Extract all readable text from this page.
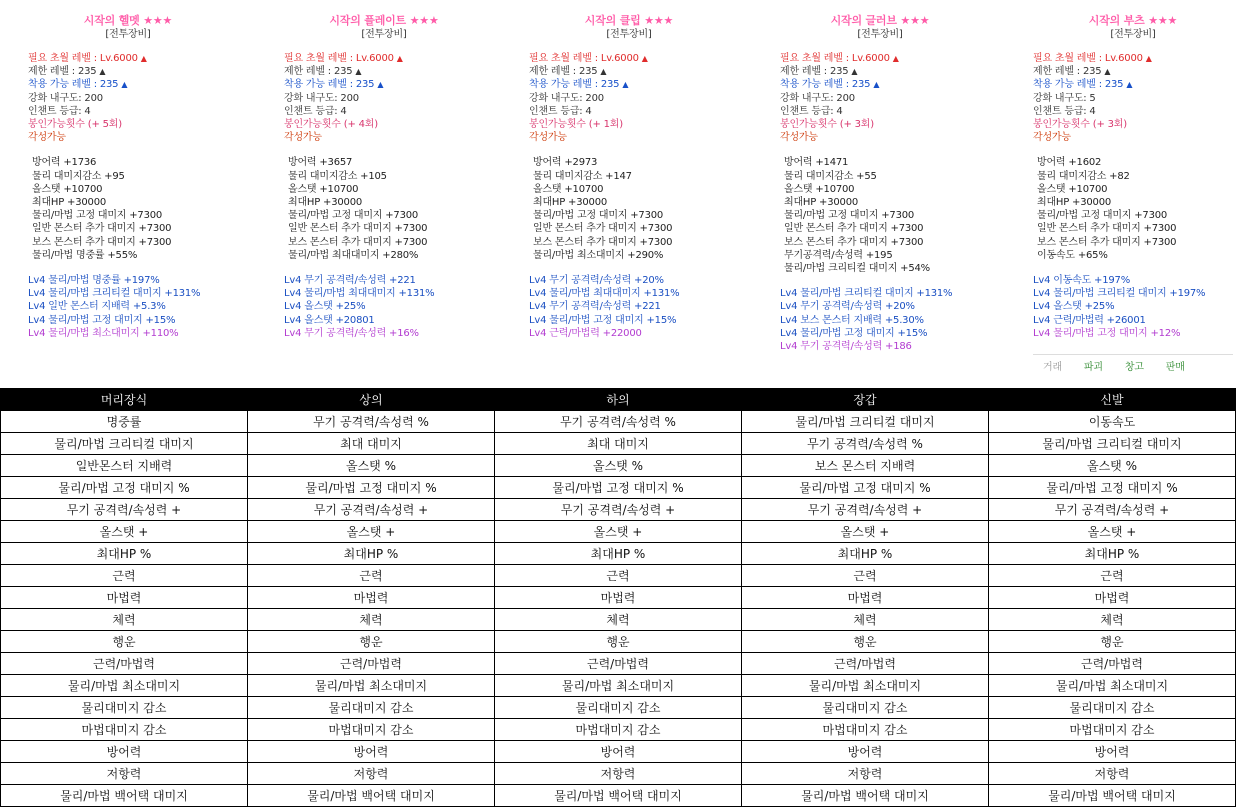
시작의 헬멧 ★★★
[전투장비]
필요 초월 레벨 : Lv.6000 ▲
제한 레벨 : 235 ▲
착용 가능 레벨 : 235 ▲
강화 내구도: 200
인챈트 등급: 4
봉인가능횟수 (+ 5회)
각성가능
방어력 +1736
물리 대미지감소 +95
올스탯 +10700
최대HP +30000
물리/마법 고정 대미지 +7300
일반 몬스터 추가 대미지 +7300
보스 몬스터 추가 대미지 +7300
물리/마법 명중률 +55%
Lv4 물리/마법 명중률 +197%
Lv4 물리/마법 크리티컬 대미지 +131%
Lv4 일반 몬스터 지배력 +5.3%
Lv4 물리/마법 고정 대미지 +15%
Lv4 물리/마법 최소대미지 +110%
시작의 플레이트 ★★★
[전투장비]
필요 초월 레벨 : Lv.6000 ▲
제한 레벨 : 235 ▲
착용 가능 레벨 : 235 ▲
강화 내구도: 200
인챈트 등급: 4
봉인가능횟수 (+ 4회)
각성가능
방어력 +3657
물리 대미지감소 +105
올스탯 +10700
최대HP +30000
물리/마법 고정 대미지 +7300
일반 몬스터 추가 대미지 +7300
보스 몬스터 추가 대미지 +7300
물리/마법 최대대미지 +280%
Lv4 무기 공격력/속성력 +221
Lv4 물리/마법 최대대미지 +131%
Lv4 올스탯 +25%
Lv4 올스탯 +20801
Lv4 무기 공격력/속성력 +16%
시작의 클립 ★★★
[전투장비]
필요 초월 레벨 : Lv.6000 ▲
제한 레벨 : 235 ▲
착용 가능 레벨 : 235 ▲
강화 내구도: 200
인챈트 등급: 4
봉인가능횟수 (+ 1회)
각성가능
방어력 +2973
물리 대미지감소 +147
올스탯 +10700
최대HP +30000
물리/마법 고정 대미지 +7300
일반 몬스터 추가 대미지 +7300
보스 몬스터 추가 대미지 +7300
물리/마법 최소대미지 +290%
Lv4 무기 공격력/속성력 +20%
Lv4 물리/마법 최대대미지 +131%
Lv4 무기 공격력/속성력 +221
Lv4 물리/마법 고정 대미지 +15%
Lv4 근력/마법력 +22000
시작의 글러브 ★★★
[전투장비]
필요 초월 레벨 : Lv.6000 ▲
제한 레벨 : 235 ▲
착용 가능 레벨 : 235 ▲
강화 내구도: 200
인챈트 등급: 4
봉인가능횟수 (+ 3회)
각성가능
방어력 +1471
물리 대미지감소 +55
올스탯 +10700
최대HP +30000
물리/마법 고정 대미지 +7300
일반 몬스터 추가 대미지 +7300
보스 몬스터 추가 대미지 +7300
무기공격력/속성력 +195
물리/마법 크리티컬 대미지 +54%
Lv4 물리/마법 크리티컬 대미지 +131%
Lv4 무기 공격력/속성력 +20%
Lv4 보스 몬스터 지배력 +5.30%
Lv4 물리/마법 고정 대미지 +15%
Lv4 무기 공격력/속성력 +186
시작의 부츠 ★★★
[전투장비]
필요 초월 레벨 : Lv.6000 ▲
제한 레벨 : 235 ▲
착용 가능 레벨 : 235 ▲
강화 내구도: 5
인챈트 등급: 4
봉인가능횟수 (+ 3회)
각성가능
방어력 +1602
물리 대미지감소 +82
올스탯 +10700
최대HP +30000
물리/마법 고정 대미지 +7300
일반 몬스터 추가 대미지 +7300
보스 몬스터 추가 대미지 +7300
이동속도 +65%
Lv4 이동속도 +197%
Lv4 물리/마법 크리티컬 대미지 +197%
Lv4 올스탯 +25%
Lv4 근력/마법력 +26001
Lv4 물리/마법 고정 대미지 +12%
거래 파괴 창고 판매
머리장식	상의	하의	장갑	신발
명중률	무기 공격력/속성력 %	무기 공격력/속성력 %	물리/마법 크리티컬 대미지	이동속도
물리/마법 크리티컬 대미지	최대 대미지	최대 대미지	무기 공격력/속성력 %	물리/마법 크리티컬 대미지
일반몬스터 지배력	올스탯 %	올스탯 %	보스 몬스터 지배력	올스탯 %
물리/마법 고정 대미지 %	물리/마법 고정 대미지 %	물리/마법 고정 대미지 %	물리/마법 고정 대미지 %	물리/마법 고정 대미지 %
무기 공격력/속성력 +	무기 공격력/속성력 +	무기 공격력/속성력 +	무기 공격력/속성력 +	무기 공격력/속성력 +
올스탯 +	올스탯 +	올스탯 +	올스탯 +	올스탯 +
최대HP %	최대HP %	최대HP %	최대HP %	최대HP %
근력	근력	근력	근력	근력
마법력	마법력	마법력	마법력	마법력
체력	체력	체력	체력	체력
행운	행운	행운	행운	행운
근력/마법력	근력/마법력	근력/마법력	근력/마법력	근력/마법력
물리/마법 최소대미지	물리/마법 최소대미지	물리/마법 최소대미지	물리/마법 최소대미지	물리/마법 최소대미지
물리대미지 감소	물리대미지 감소	물리대미지 감소	물리대미지 감소	물리대미지 감소
마법대미지 감소	마법대미지 감소	마법대미지 감소	마법대미지 감소	마법대미지 감소
방어력	방어력	방어력	방어력	방어력
저항력	저항력	저항력	저항력	저항력
물리/마법 백어택 대미지	물리/마법 백어택 대미지	물리/마법 백어택 대미지	물리/마법 백어택 대미지	물리/마법 백어택 대미지
